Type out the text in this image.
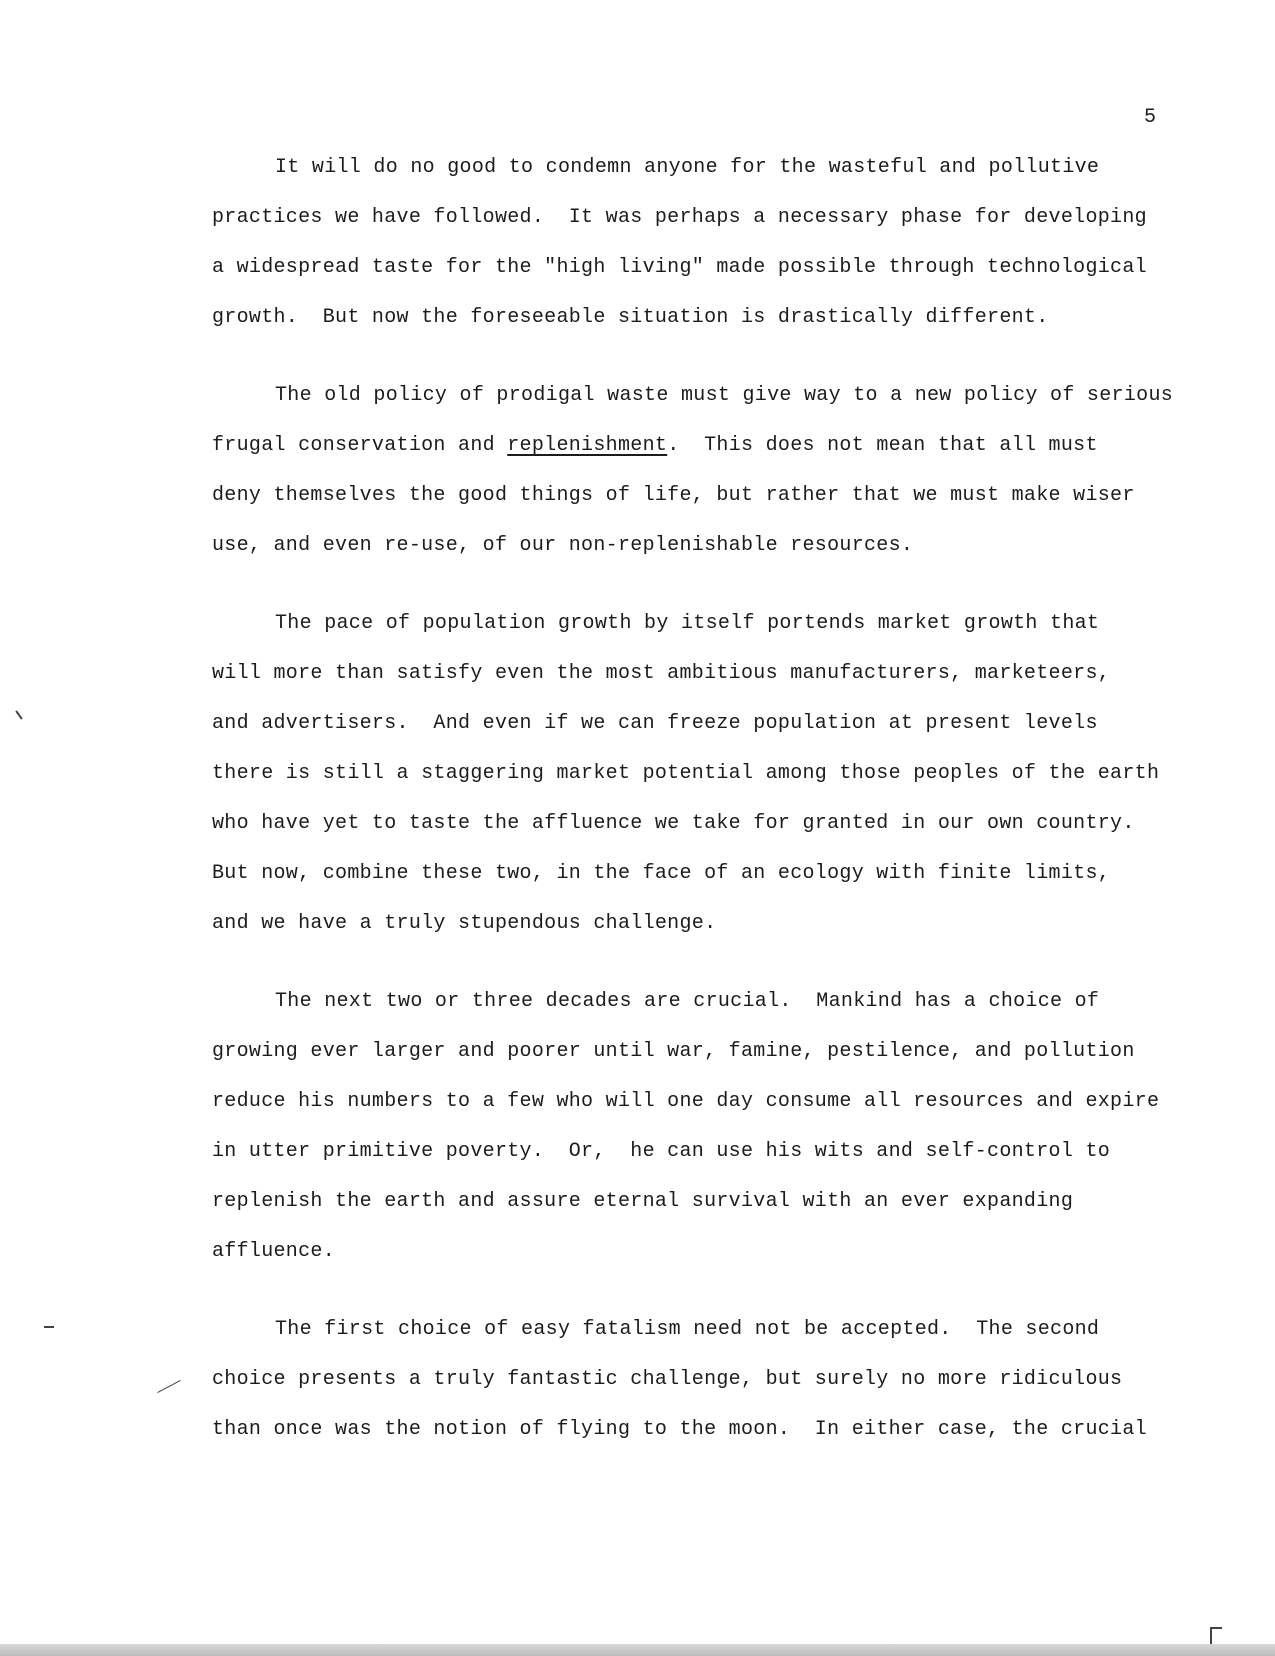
5
It will do no good to condemn anyone for the wasteful and pollutive
practices we have followed.  It was perhaps a necessary phase for developing
a widespread taste for the "high living" made possible through technological
growth.  But now the foreseeable situation is drastically different.
The old policy of prodigal waste must give way to a new policy of serious
frugal conservation and replenishment.  This does not mean that all must
deny themselves the good things of life, but rather that we must make wiser
use, and even re-use, of our non-replenishable resources.
The pace of population growth by itself portends market growth that
will more than satisfy even the most ambitious manufacturers, marketeers,
and advertisers.  And even if we can freeze population at present levels
there is still a staggering market potential among those peoples of the earth
who have yet to taste the affluence we take for granted in our own country.
But now, combine these two, in the face of an ecology with finite limits,
and we have a truly stupendous challenge.
The next two or three decades are crucial.  Mankind has a choice of
growing ever larger and poorer until war, famine, pestilence, and pollution
reduce his numbers to a few who will one day consume all resources and expire
in utter primitive poverty.  Or,  he can use his wits and self-control to
replenish the earth and assure eternal survival with an ever expanding
affluence.
The first choice of easy fatalism need not be accepted.  The second
choice presents a truly fantastic challenge, but surely no more ridiculous
than once was the notion of flying to the moon.  In either case, the crucial
